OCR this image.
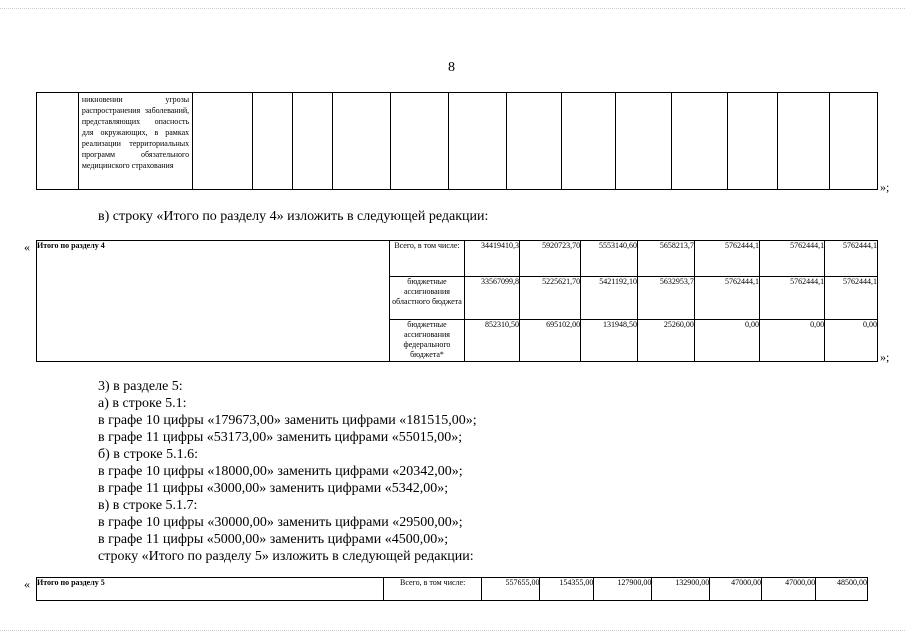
8
	никновении угрозы распространения заболеваний, представляющих опасность для окружающих, в рамках реализации территориальных программ обязательного медицинского страхования													
»;
в) строку «Итого по разделу 4» изложить в следующей редакции:
« Итого по разделу 4	Всего, в том числе:	34419410,3	5920723,70	5553140,60	5658213,7	5762444,1	5762444,1	5762444,1
	бюджетные ассигнования областного бюджета	33567099,8	5225621,70	5421192,10	5632953,7	5762444,1	5762444,1	5762444,1
	бюджетные ассигнования федерального бюджета*	852310,50	695102,00	131948,50	25260,00	0,00	0,00	0,00
»;
3) в разделе 5:
а) в строке 5.1:
в графе 10 цифры «179673,00» заменить цифрами «181515,00»;
в графе 11 цифры «53173,00» заменить цифрами «55015,00»;
б) в строке 5.1.6:
в графе 10 цифры «18000,00» заменить цифрами «20342,00»;
в графе 11 цифры «3000,00» заменить цифрами «5342,00»;
в) в строке 5.1.7:
в графе 10 цифры «30000,00» заменить цифрами «29500,00»;
в графе 11 цифры «5000,00» заменить цифрами «4500,00»;
строку «Итого по разделу 5» изложить в следующей редакции:
« Итого по разделу 5	Всего, в том числе:	557655,00	154355,00	127900,00	132900,00	47000,00	47000,00	48500,00
